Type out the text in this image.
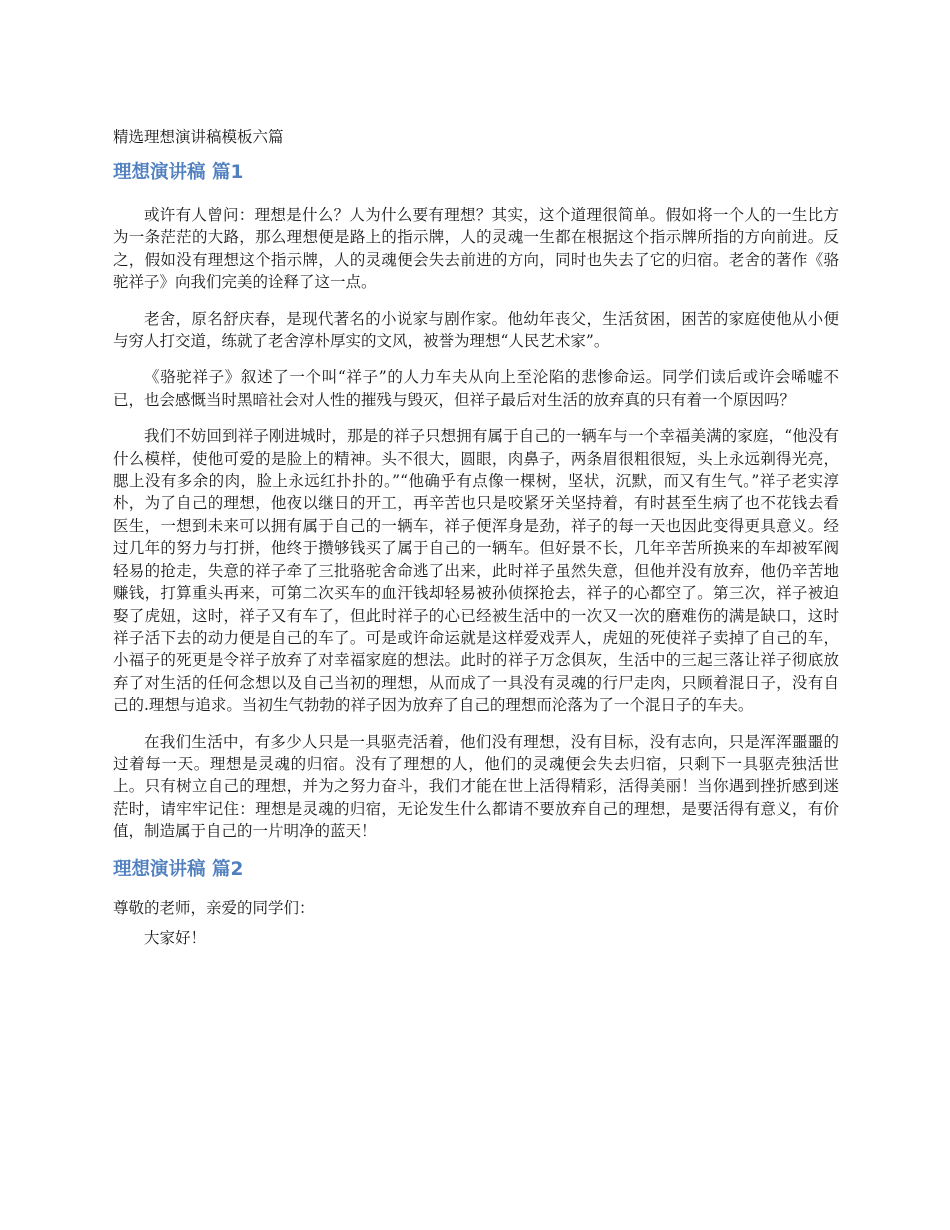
精选理想演讲稿模板六篇

理想演讲稿 篇1

或许有人曾问：理想是什么？人为什么要有理想？其实，这个道理很简单。假如将一个人的一生比方为一条茫茫的大路，那么理想便是路上的指示牌，人的灵魂一生都在根据这个指示牌所指的方向前进。反之，假如没有理想这个指示牌，人的灵魂便会失去前进的方向，同时也失去了它的归宿。老舍的著作《骆驼祥子》向我们完美的诠释了这一点。

老舍，原名舒庆春，是现代著名的小说家与剧作家。他幼年丧父，生活贫困，困苦的家庭使他从小便与穷人打交道，练就了老舍淳朴厚实的文风，被誉为理想“人民艺术家”。

《骆驼祥子》叙述了一个叫“祥子”的人力车夫从向上至沦陷的悲惨命运。同学们读后或许会唏嘘不已，也会感慨当时黑暗社会对人性的摧残与毁灭，但祥子最后对生活的放弃真的只有着一个原因吗？

我们不妨回到祥子刚进城时，那是的祥子只想拥有属于自己的一辆车与一个幸福美满的家庭，“他没有什么模样，使他可爱的是脸上的精神。头不很大，圆眼，肉鼻子，两条眉很粗很短，头上永远剃得光亮，腮上没有多余的肉，脸上永远红扑扑的。”“他确乎有点像一棵树，坚状，沉默，而又有生气。”祥子老实淳朴，为了自己的理想，他夜以继日的开工，再辛苦也只是咬紧牙关坚持着，有时甚至生病了也不花钱去看医生，一想到未来可以拥有属于自己的一辆车，祥子便浑身是劲，祥子的每一天也因此变得更具意义。经过几年的努力与打拼，他终于攒够钱买了属于自己的一辆车。但好景不长，几年辛苦所换来的车却被军阀轻易的抢走，失意的祥子牵了三批骆驼舍命逃了出来，此时祥子虽然失意，但他并没有放弃，他仍辛苦地赚钱，打算重头再来，可第二次买车的血汗钱却轻易被孙侦探抢去，祥子的心都空了。第三次，祥子被迫娶了虎妞，这时，祥子又有车了，但此时祥子的心已经被生活中的一次又一次的磨难伤的满是缺口，这时祥子活下去的动力便是自己的车了。可是或许命运就是这样爱戏弄人，虎妞的死使祥子卖掉了自己的车，小福子的死更是令祥子放弃了对幸福家庭的想法。此时的祥子万念俱灰，生活中的三起三落让祥子彻底放弃了对生活的任何念想以及自己当初的理想，从而成了一具没有灵魂的行尸走肉，只顾着混日子，没有自己的.理想与追求。当初生气勃勃的祥子因为放弃了自己的理想而沦落为了一个混日子的车夫。

在我们生活中，有多少人只是一具驱壳活着，他们没有理想，没有目标，没有志向，只是浑浑噩噩的过着每一天。理想是灵魂的归宿。没有了理想的人，他们的灵魂便会失去归宿，只剩下一具驱壳独活世上。只有树立自己的理想，并为之努力奋斗，我们才能在世上活得精彩，活得美丽！当你遇到挫折感到迷茫时，请牢牢记住：理想是灵魂的归宿，无论发生什么都请不要放弃自己的理想，是要活得有意义，有价值，制造属于自己的一片明净的蓝天！

理想演讲稿 篇2

尊敬的老师，亲爱的同学们：

大家好！
